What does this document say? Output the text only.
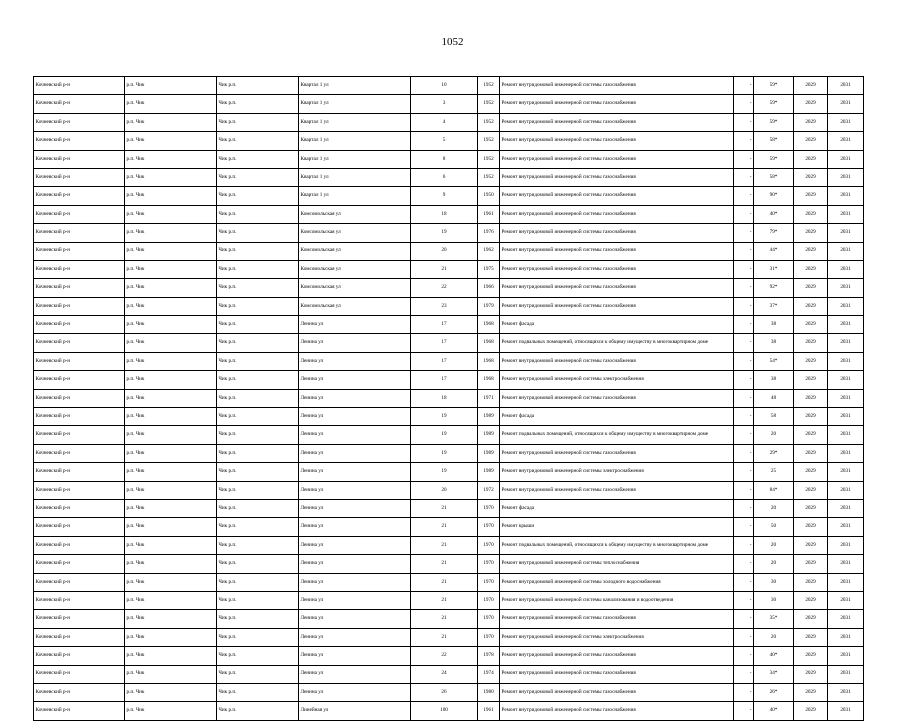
1052
Кочневский р-н	р.п. Чик	Чик р.п.	Квартал 1 ул	10	1952	Ремонт внутридомовой инженерной системы газоснабжения	-	59*	2029	2031
Кочневский р-н	р.п. Чик	Чик р.п.	Квартал 1 ул	3	1952	Ремонт внутридомовой инженерной системы газоснабжения	-	59*	2029	2031
Кочневский р-н	р.п. Чик	Чик р.п.	Квартал 1 ул	4	1952	Ремонт внутридомовой инженерной системы газоснабжения	-	59*	2029	2031
Кочневский р-н	р.п. Чик	Чик р.п.	Квартал 1 ул	5	1952	Ремонт внутридомовой инженерной системы газоснабжения	-	58*	2029	2031
Кочневский р-н	р.п. Чик	Чик р.п.	Квартал 1 ул	8	1952	Ремонт внутридомовой инженерной системы газоснабжения	-	59*	2029	2031
Кочневский р-н	р.п. Чик	Чик р.п.	Квартал 1 ул	6	1952	Ремонт внутридомовой инженерной системы газоснабжения	-	58*	2029	2031
Кочневский р-н	р.п. Чик	Чик р.п.	Квартал 1 ул	9	1950	Ремонт внутридомовой инженерной системы газоснабжения	-	90*	2029	2031
Кочневский р-н	р.п. Чик	Чик р.п.	Комсомольская ул	18	1961	Ремонт внутридомовой инженерной системы газоснабжения	-	40*	2029	2031
Кочневский р-н	р.п. Чик	Чик р.п.	Комсомольская ул	19	1976	Ремонт внутридомовой инженерной системы газоснабжения	-	79*	2029	2031
Кочневский р-н	р.п. Чик	Чик р.п.	Комсомольская ул	20	1962	Ремонт внутридомовой инженерной системы газоснабжения	-	44*	2029	2031
Кочневский р-н	р.п. Чик	Чик р.п.	Комсомольская ул	21	1975	Ремонт внутридомовой инженерной системы газоснабжения	-	31*	2029	2031
Кочневский р-н	р.п. Чик	Чик р.п.	Комсомольская ул	22	1966	Ремонт внутридомовой инженерной системы газоснабжения	-	92*	2029	2031
Кочневский р-н	р.п. Чик	Чик р.п.	Комсомольская ул	23	1979	Ремонт внутридомовой инженерной системы газоснабжения	-	37*	2029	2031
Кочневский р-н	р.п. Чик	Чик р.п.	Ленина ул	17	1968	Ремонт фасада	-	38	2029	2031
Кочневский р-н	р.п. Чик	Чик р.п.	Ленина ул	17	1968	Ремонт подвальных помещений, относящихся к общему имуществу в многоквартирном доме	-	38	2029	2031
Кочневский р-н	р.п. Чик	Чик р.п.	Ленина ул	17	1968	Ремонт внутридомовой инженерной системы газоснабжения	-	54*	2029	2031
Кочневский р-н	р.п. Чик	Чик р.п.	Ленина ул	17	1968	Ремонт внутридомовой инженерной системы электроснабжения	-	38	2029	2031
Кочневский р-н	р.п. Чик	Чик р.п.	Ленина ул	18	1971	Ремонт внутридомовой инженерной системы газоснабжения	-	48	2029	2031
Кочневский р-н	р.п. Чик	Чик р.п.	Ленина ул	19	1989	Ремонт фасада	-	58	2029	2031
Кочневский р-н	р.п. Чик	Чик р.п.	Ленина ул	19	1989	Ремонт подвальных помещений, относящихся к общему имуществу в многоквартирном доме	-	20	2029	2031
Кочневский р-н	р.п. Чик	Чик р.п.	Ленина ул	19	1989	Ремонт внутридомовой инженерной системы газоснабжения	-	29*	2029	2031
Кочневский р-н	р.п. Чик	Чик р.п.	Ленина ул	19	1989	Ремонт внутридомовой инженерной системы электроснабжения	-	25	2029	2031
Кочневский р-н	р.п. Чик	Чик р.п.	Ленина ул	20	1972	Ремонт внутридомовой инженерной системы газоснабжения	-	84*	2029	2031
Кочневский р-н	р.п. Чик	Чик р.п.	Ленина ул	21	1970	Ремонт фасада	-	20	2029	2031
Кочневский р-н	р.п. Чик	Чик р.п.	Ленина ул	21	1970	Ремонт крыши	-	50	2029	2031
Кочневский р-н	р.п. Чик	Чик р.п.	Ленина ул	21	1970	Ремонт подвальных помещений, относящихся к общему имуществу в многоквартирном доме	-	20	2029	2031
Кочневский р-н	р.п. Чик	Чик р.п.	Ленина ул	21	1970	Ремонт внутридомовой инженерной системы теплоснабжения	-	20	2029	2031
Кочневский р-н	р.п. Чик	Чик р.п.	Ленина ул	21	1970	Ремонт внутридомовой инженерной системы холодного водоснабжения	-	30	2029	2031
Кочневский р-н	р.п. Чик	Чик р.п.	Ленина ул	21	1970	Ремонт внутридомовой инженерной системы канализования и водоотведения	-	30	2029	2031
Кочневский р-н	р.п. Чик	Чик р.п.	Ленина ул	21	1970	Ремонт внутридомовой инженерной системы газоснабжения	-	35*	2029	2031
Кочневский р-н	р.п. Чик	Чик р.п.	Ленина ул	21	1970	Ремонт внутридомовой инженерной системы электроснабжения	-	20	2029	2031
Кочневский р-н	р.п. Чик	Чик р.п.	Ленина ул	22	1978	Ремонт внутридомовой инженерной системы газоснабжения	-	40*	2029	2031
Кочневский р-н	р.п. Чик	Чик р.п.	Ленина ул	24	1974	Ремонт внутридомовой инженерной системы газоснабжения	-	34*	2029	2031
Кочневский р-н	р.п. Чик	Чик р.п.	Ленина ул	26	1980	Ремонт внутридомовой инженерной системы газоснабжения	-	26*	2029	2031
Кочневский р-н	р.п. Чик	Чик р.п.	Линейная ул	100	1961	Ремонт внутридомовой инженерной системы газоснабжения	-	40*	2029	2031
